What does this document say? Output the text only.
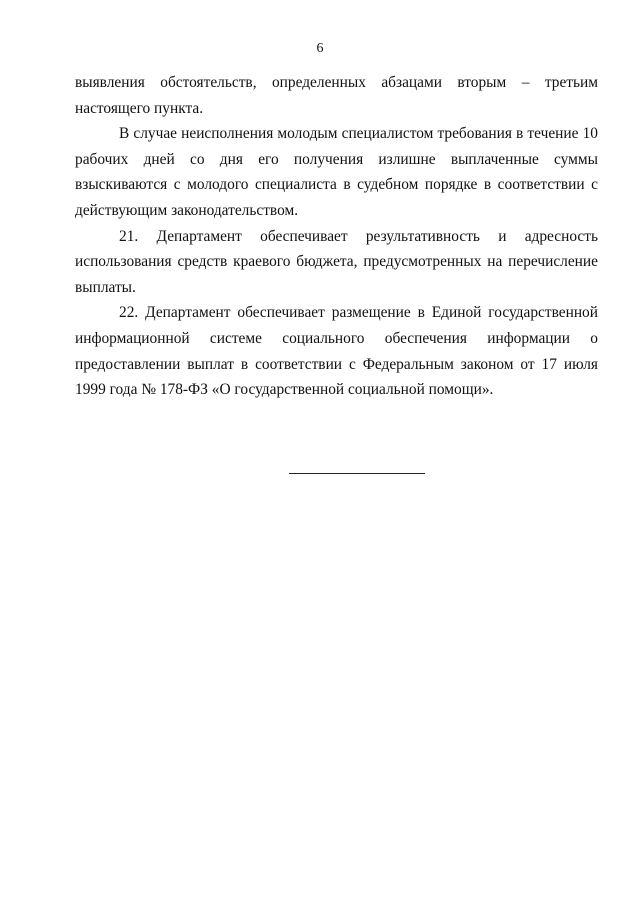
6

выявления обстоятельств, определенных абзацами вторым – третьим настоящего пункта.

В случае неисполнения молодым специалистом требования в течение 10 рабочих дней со дня его получения излишне выплаченные суммы взыскиваются с молодого специалиста в судебном порядке в соответствии с действующим законодательством.

21. Департамент обеспечивает результативность и адресность использования средств краевого бюджета, предусмотренных на перечисление выплаты.

22. Департамент обеспечивает размещение в Единой государственной информационной системе социального обеспечения информации о предоставлении выплат в соответствии с Федеральным законом от 17 июля 1999 года № 178-ФЗ «О государственной социальной помощи».
